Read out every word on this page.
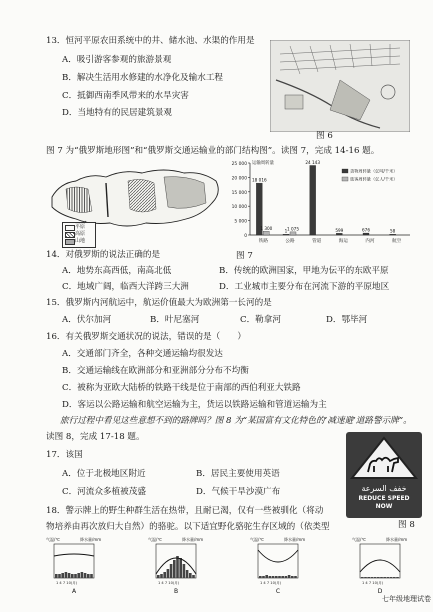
13．恒河平原农田系统中的井、储水池、水渠的作用是
A．吸引游客参观的旅游景观
B．解决生活用水修建的水净化及输水工程
C．抵御西南季风带来的水旱灾害
D．当地特有的民居建筑景观
图 6
图 7 为“俄罗斯地形图”和“俄罗斯交通运输业的部门结构图”。读图 7，完成 14-16 题。
平原
高原
山地
0
5 000
10 000
15 000
20 000
25 000
铁路
18 016
1 300
公路
1 1 075
管道
24 143
海运
599
内河
676
航空
58
货物周转量（亿吨/千米）
旅客周转量（亿人/千米）
运输周转量
图 7
14．对俄罗斯的说法正确的是
A．地势东高西低，南高北低	B．传统的欧洲国家，甲地为伝平的东欧平原
C．地域广阔，临西大洋跨三大洲	D．工业城市主要分布在河流下游的平原地区
15．俄罗斯内河航运中，航运价值最大为欧洲第一长河的是
A．伏尔加河	B．叶尼塞河	C．勒拿河	D．鄂毕河
16．有关俄罗斯交通状况的说法，错误的是（　　）
A．交通部门齐全，各种交通运输均很发达
B．交通运输线在欧洲部分和亚洲部分分布不均衡
C．被称为亚欧大陆桥的铁路干线是位于南部的西伯利亚大铁路
D．客运以公路运输和航空运输为主，货运以铁路运输和管道运输为主
旅行过程中看见这些意想不到的路牌吗？图 8 为“某国富有文化特色的‘减速避’道路警示牌”。
读图 8，完成 17-18 题。
17．该国
A．位于北极地区附近	B．居民主要使用英语
C．河流众多植被茂盛	D．气候干旱沙漠广布	خفف السرعة
REDUCE SPEED
NOW
图 8
18．警示牌上的野生种群生活在热带，且耐已渴，仅有一些被驯化（将动
物培养由再次放归大自然）的骆驼。以下适宜野化骆驼生存区域的（依类型
气温/℃	降水量/mm
1 4 7 10(月)
A
气温/℃	降水量/mm
1 4 7 10(月)
B
气温/℃	降水量/mm
1 4 7 10(月)
C
气温/℃	降水量/mm
1 4 7 10(月)
D
七年级地理试卷
